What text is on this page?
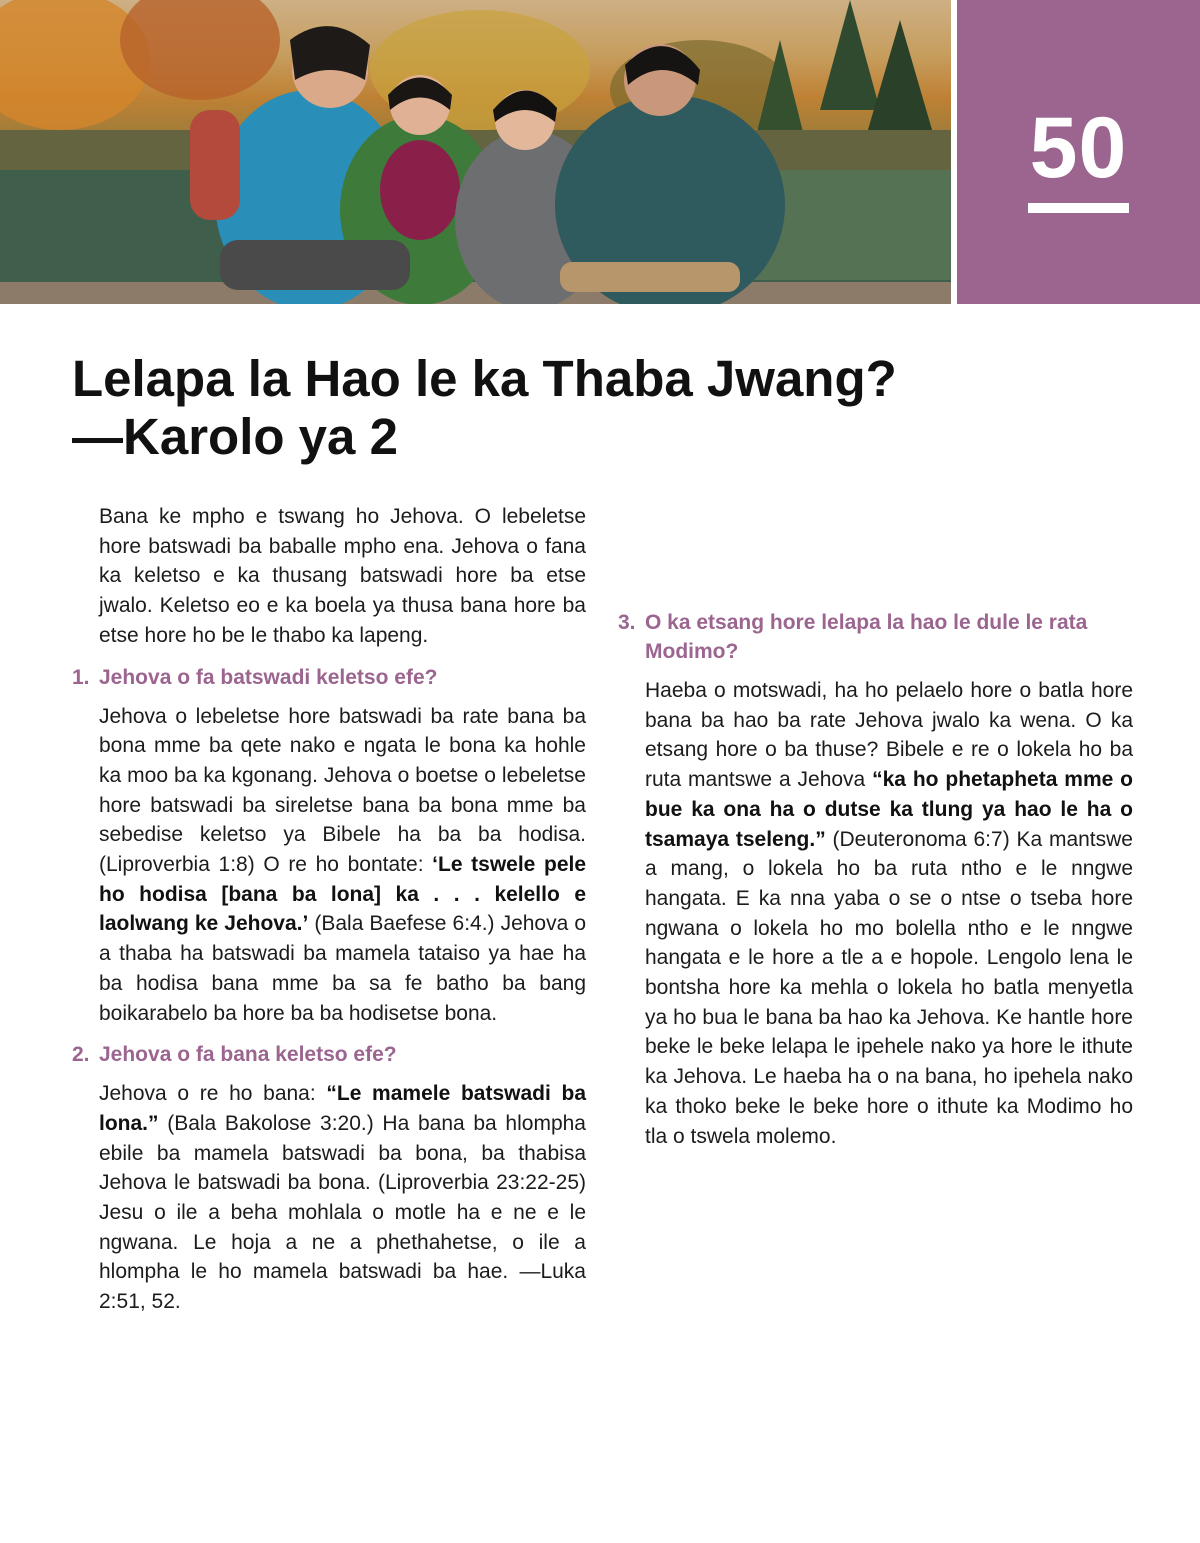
50
Lelapa la Hao le ka Thaba Jwang?—Karolo ya 2

Bana ke mpho e tswang ho Jehova. O lebeletse hore batswadi ba baballe mpho ena. Jehova o fana ka keletso e ka thusang batswadi hore ba etse jwalo. Keletso eo e ka boela ya thusa bana hore ba etse hore ho be le thabo ka lapeng.

1. Jehova o fa batswadi keletso efe?

Jehova o lebeletse hore batswadi ba rate bana ba bona mme ba qete nako e ngata le bona ka hohle ka moo ba ka kgonang. Jehova o boetse o lebeletse hore batswadi ba sireletse bana ba bona mme ba sebedise keletso ya Bibele ha ba ba hodisa. (Liproverbia 1:8) O re ho bontate: ‘Le tswele pele ho hodisa [bana ba lona] ka . . . kelello e laolwang ke Jehova.’ (Bala Baefese 6:4.) Jehova o a thaba ha batswadi ba mamela tataiso ya hae ha ba hodisa bana mme ba sa fe batho ba bang boikarabelo ba hore ba ba hodisetse bona.

2. Jehova o fa bana keletso efe?

Jehova o re ho bana: “Le mamele batswadi ba lona.” (Bala Bakolose 3:20.) Ha bana ba hlompha ebile ba mamela batswadi ba bona, ba thabisa Jehova le batswadi ba bona. (Liproverbia 23:22-25) Jesu o ile a beha mohlala o motle ha e ne e le ngwana. Le hoja a ne a phethahetse, o ile a hlompha le ho mamela batswadi ba hae. —Luka 2:51, 52.

3. O ka etsang hore lelapa la hao le dule le rata Modimo?

Haeba o motswadi, ha ho pelaelo hore o batla hore bana ba hao ba rate Jehova jwalo ka wena. O ka etsang hore o ba thuse? Bibele e re o lokela ho ba ruta mantswe a Jehova “ka ho phetapheta mme o bue ka ona ha o dutse ka tlung ya hao le ha o tsamaya tseleng.” (Deuteronoma 6:7) Ka mantswe a mang, o lokela ho ba ruta ntho e le nngwe hangata. E ka nna yaba o se o ntse o tseba hore ngwana o lokela ho mo bolella ntho e le nngwe hangata e le hore a tle a e hopole. Lengolo lena le bontsha hore ka mehla o lokela ho batla menyetla ya ho bua le bana ba hao ka Jehova. Ke hantle hore beke le beke lelapa le ipehele nako ya hore le ithute ka Jehova. Le haeba ha o na bana, ho ipehela nako ka thoko beke le beke hore o ithute ka Modimo ho tla o tswela molemo.
